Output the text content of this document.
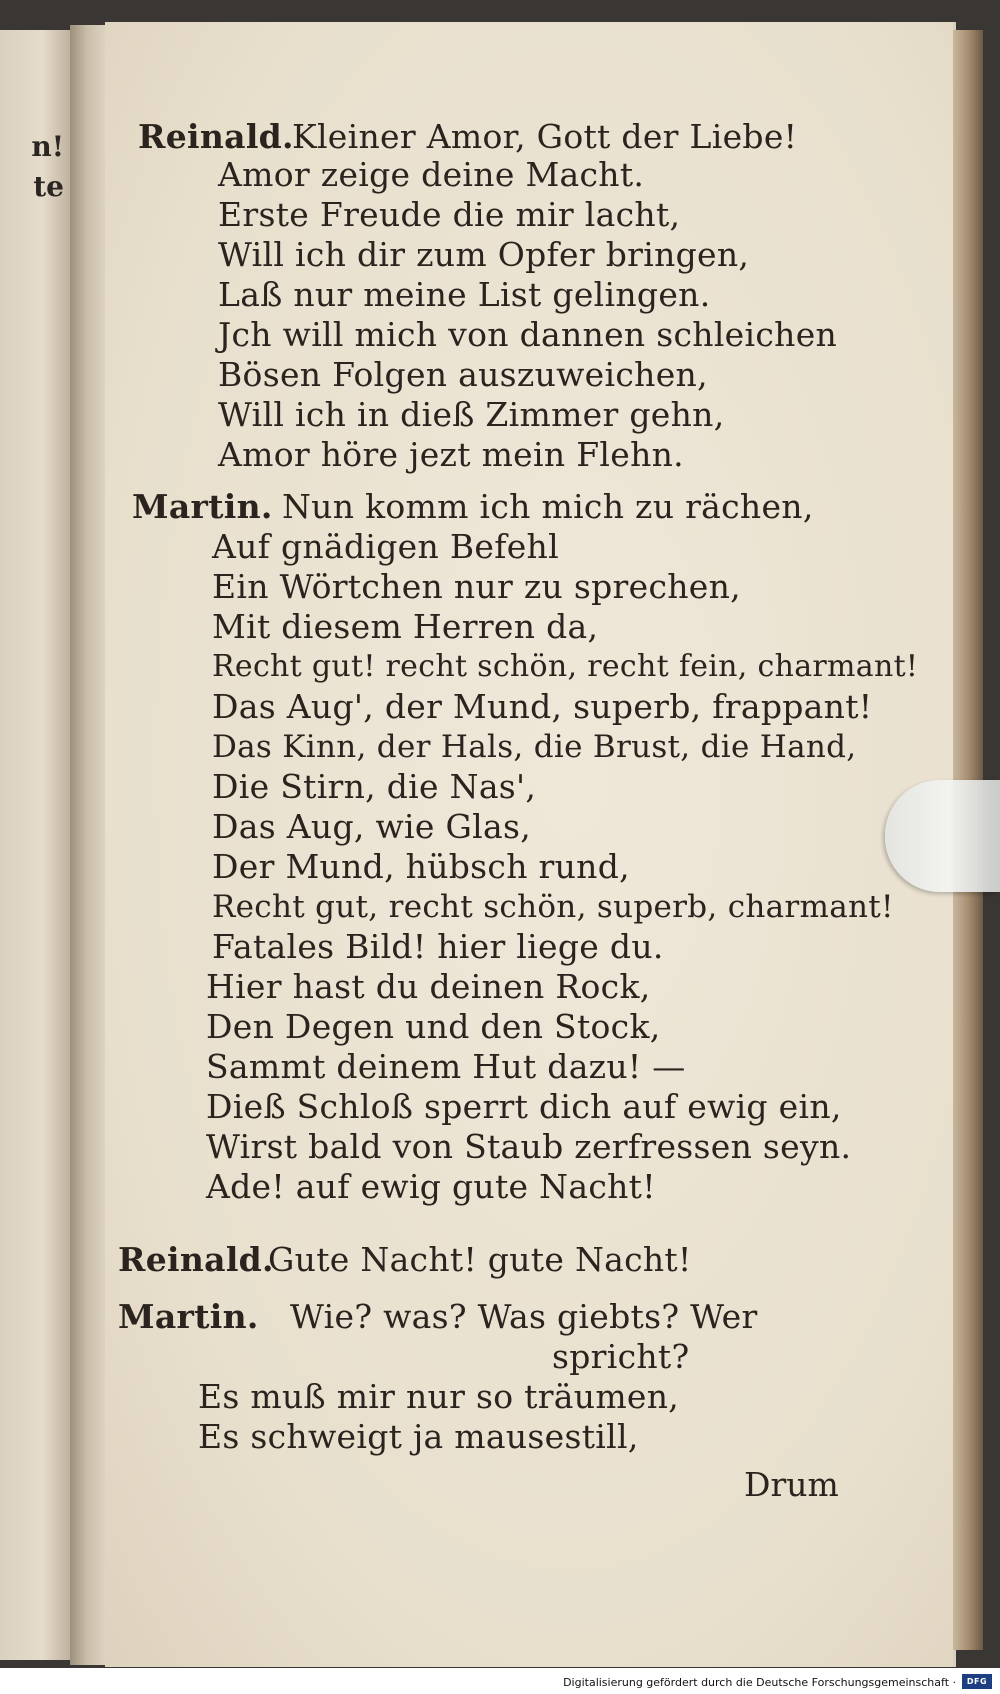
n!
te
Reinald.
Kleiner Amor, Gott der Liebe!
Amor zeige deine Macht.
Erste Freude die mir lacht,
Will ich dir zum Opfer bringen,
Laß nur meine List gelingen.
Jch will mich von dannen schleichen
Bösen Folgen auszuweichen,
Will ich in dieß Zimmer gehn,
Amor höre jezt mein Flehn.
Martin. Nun komm ich mich zu rächen,
Auf gnädigen Befehl
Ein Wörtchen nur zu sprechen,
Mit diesem Herren da,
Recht gut! recht schön, recht fein, charmant!
Das Aug', der Mund, superb, frappant!
Das Kinn, der Hals, die Brust, die Hand,
Die Stirn, die Nas',
Das Aug, wie Glas,
Der Mund, hübsch rund,
Recht gut, recht schön, superb, charmant!
Fatales Bild! hier liege du.
Hier hast du deinen Rock,
Den Degen und den Stock,
Sammt deinem Hut dazu! —
Dieß Schloß sperrt dich auf ewig ein,
Wirst bald von Staub zerfressen seyn.
Ade! auf ewig gute Nacht!
Reinald.
Gute Nacht! gute Nacht!
Martin. Wie? was? Was giebts? Wer
spricht?
Es muß mir nur so träumen,
Es schweigt ja mausestill,
Drum
Digitalisierung gefördert durch die Deutsche Forschungsgemeinschaft ·	DFG
